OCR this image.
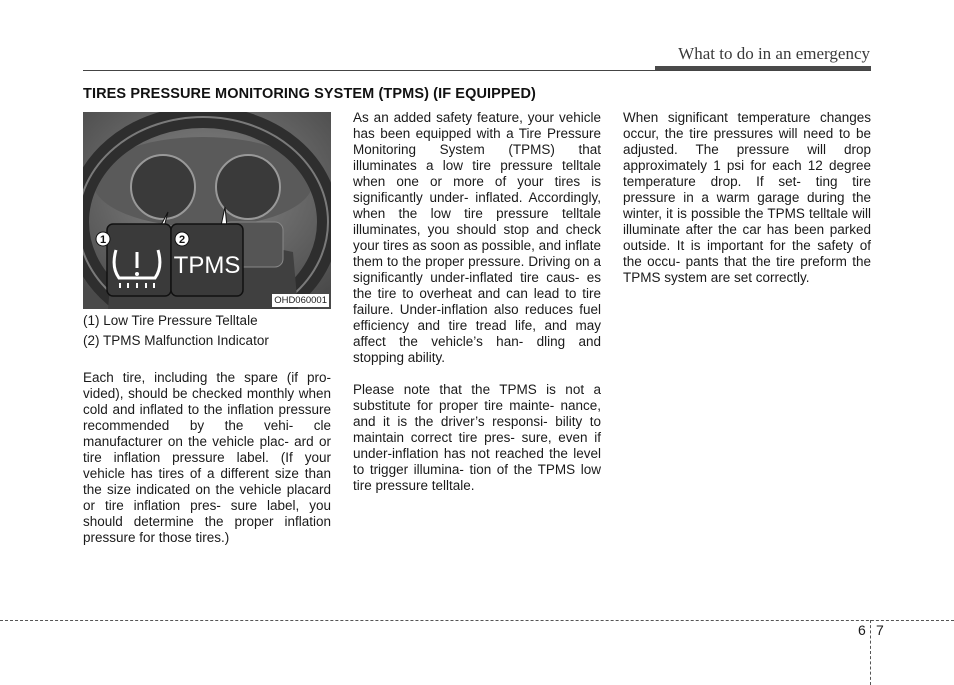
What to do in an emergency
TIRES PRESSURE MONITORING SYSTEM (TPMS) (IF EQUIPPED)
1	2
TPMS
OHD060001
(1) Low Tire Pressure Telltale
(2) TPMS Malfunction Indicator

Each tire, including the spare (if pro- vided), should be checked monthly when cold and inflated to the inflation pressure recommended by the vehi- cle manufacturer on the vehicle plac- ard or tire inflation pressure label. (If your vehicle has tires of a different size than the size indicated on the vehicle placard or tire inflation pres- sure label, you should determine the proper inflation pressure for those tires.)

As an added safety feature, your vehicle has been equipped with a Tire Pressure Monitoring System (TPMS) that illuminates a low tire pressure telltale when one or more of your tires is significantly under- inflated. Accordingly, when the low tire pressure telltale illuminates, you should stop and check your tires as soon as possible, and inflate them to the proper pressure. Driving on a significantly under-inflated tire caus- es the tire to overheat and can lead to tire failure. Under-inflation also reduces fuel efficiency and tire tread life, and may affect the vehicle’s han- dling and stopping ability.

Please note that the TPMS is not a substitute for proper tire mainte- nance, and it is the driver’s responsi- bility to maintain correct tire pres- sure, even if under-inflation has not reached the level to trigger illumina- tion of the TPMS low tire pressure telltale.

When significant temperature changes occur, the tire pressures will need to be adjusted. The pressure will drop approximately 1 psi for each 12 degree temperature drop. If set- ting tire pressure in a warm garage during the winter, it is possible the TPMS telltale will illuminate after the car has been parked outside. It is important for the safety of the occu- pants that the tire preform the TPMS system are set correctly.

6 7
